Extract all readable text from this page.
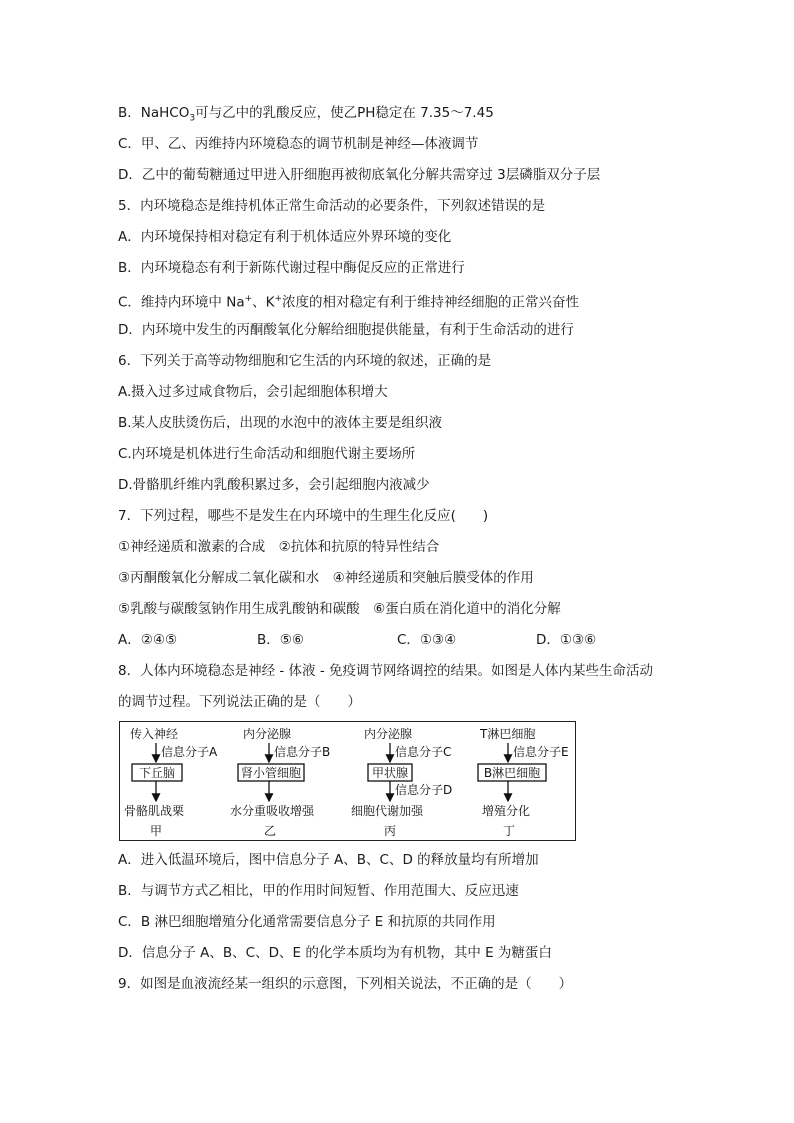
B．NaHCO$_3$可与乙中的乳酸反应，使乙PH稳定在 7.35～7.45
C．甲、乙、丙维持内环境稳态的调节机制是神经—体液调节
D．乙中的葡萄糖通过甲进入肝细胞再被彻底氧化分解共需穿过 3层磷脂双分子层
5．内环境稳态是维持机体正常生命活动的必要条件，下列叙述错误的是
A．内环境保持相对稳定有利于机体适应外界环境的变化
B．内环境稳态有利于新陈代谢过程中酶促反应的正常进行
C．维持内环境中 Na+、K+浓度的相对稳定有利于维持神经细胞的正常兴奋性
D．内环境中发生的丙酮酸氧化分解给细胞提供能量，有利于生命活动的进行
6．下列关于高等动物细胞和它生活的内环境的叙述，正确的是
A.摄入过多过咸食物后，会引起细胞体积增大
B.某人皮肤烫伤后，出现的水泡中的液体主要是组织液
C.内环境是机体进行生命活动和细胞代谢主要场所
D.骨骼肌纤维内乳酸积累过多，会引起细胞内液减少
7．下列过程，哪些不是发生在内环境中的生理生化反应(　　)
①神经递质和激素的合成　②抗体和抗原的特异性结合
③丙酮酸氧化分解成二氧化碳和水　④神经递质和突触后膜受体的作用
⑤乳酸与碳酸氢钠作用生成乳酸钠和碳酸　⑥蛋白质在消化道中的消化分解
A．②④⑤	B．⑤⑥	C．①③④	D．①③⑥
8．人体内环境稳态是神经 - 体液 - 免疫调节网络调控的结果。如图是人体内某些生命活动
的调节过程。下列说法正确的是（　　）
传入神经
信息分子A
下丘脑
骨骼肌战栗
甲
内分泌腺
信息分子B
肾小管细胞
水分重吸收增强
乙
内分泌腺
信息分子C
甲状腺
信息分子D
细胞代谢加强
丙
T淋巴细胞
信息分子E
B淋巴细胞
增殖分化
丁
A．进入低温环境后，图中信息分子 A、B、C、D 的释放量均有所增加
B．与调节方式乙相比，甲的作用时间短暂、作用范围大、反应迅速
C．B 淋巴细胞增殖分化通常需要信息分子 E 和抗原的共同作用
D．信息分子 A、B、C、D、E 的化学本质均为有机物，其中 E 为糖蛋白
9．如图是血液流经某一组织的示意图，下列相关说法，不正确的是（　　）
